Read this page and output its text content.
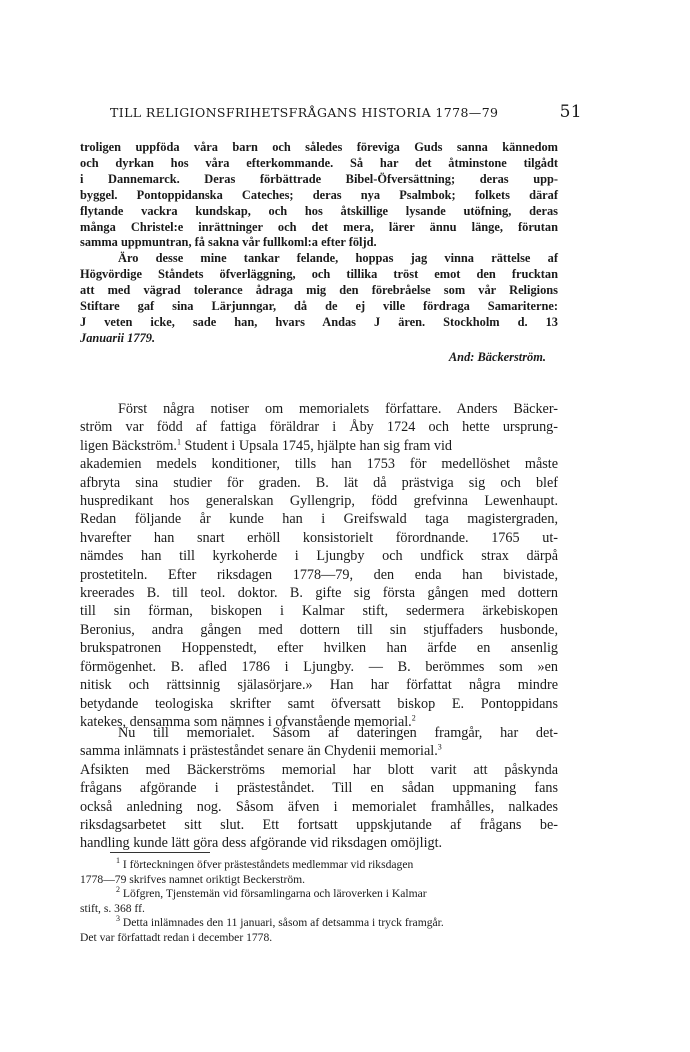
TILL RELIGIONSFRIHETSFRÅGANS HISTORIA 1778—79	51
troligen uppföda våra barn och således föreviga Guds sanna kännedom
och dyrkan hos våra efterkommande. Så har det åtminstone tilgådt
i Dannemarck. Deras förbättrade Bibel-Öfversättning; deras upp-
byggel. Pontoppidanska Cateches; deras nya Psalmbok; folkets däraf
flytande vackra kundskap, och hos åtskillige lysande utöfning, deras
många Christel:e inrättninger och det mera, lärer ännu länge, förutan
samma uppmuntran, få sakna vår fullkoml:a efter följd.
Äro desse mine tankar felande, hoppas jag vinna rättelse af
Högvördige Ståndets öfverläggning, och tillika tröst emot den frucktan
att med vägrad tolerance ådraga mig den förebråelse som vår Religions
Stiftare gaf sina Lärjunngar, då de ej ville fördraga Samariterne:
J veten icke, sade han, hvars Andas J ären. Stockholm d. 13
Januarii 1779.
And: Bäckerström.
Först några notiser om memorialets författare. Anders Bäcker-
ström var född af fattiga föräldrar i Åby 1724 och hette ursprung-
ligen Bäckström.$^1$ Student i Upsala 1745, hjälpte han sig fram vid
akademien medels konditioner, tills han 1753 för medellöshet måste
afbryta sina studier för graden. B. lät då prästviga sig och blef
huspredikant hos generalskan Gyllengrip, född grefvinna Lewenhaupt.
Redan följande år kunde han i Greifswald taga magistergraden,
hvarefter han snart erhöll konsistorielt förordnande. 1765 ut-
nämdes han till kyrkoherde i Ljungby och undfick strax därpå
prostetiteln. Efter riksdagen 1778—79, den enda han bivistade,
kreerades B. till teol. doktor. B. gifte sig första gången med dottern
till sin förman, biskopen i Kalmar stift, sedermera ärkebiskopen
Beronius, andra gången med dottern till sin stjuffaders husbonde,
brukspatronen Hoppenstedt, efter hvilken han ärfde en ansenlig
förmögenhet. B. afled 1786 i Ljungby. — B. berömmes som »en
nitisk och rättsinnig själasörjare.» Han har författat några mindre
betydande teologiska skrifter samt öfversatt biskop E. Pontoppidans
katekes, densamma som nämnes i ofvanstående memorial.$^2$
Nu till memorialet. Såsom af dateringen framgår, har det-
samma inlämnats i prästeståndet senare än Chydenii memorial.$^3$
Afsikten med Bäckerströms memorial har blott varit att påskynda
frågans afgörande i prästeståndet. Till en sådan uppmaning fans
också anledning nog. Såsom äfven i memorialet framhålles, nalkades
riksdagsarbetet sitt slut. Ett fortsatt uppskjutande af frågans be-
handling kunde lätt göra dess afgörande vid riksdagen omöjligt.

$^1$ I förteckningen öfver prästeståndets medlemmar vid riksdagen
1778—79 skrifves namnet oriktigt Beckerström.

$^2$ Löfgren, Tjenstemän vid församlingarna och läroverken i Kalmar
stift, s. 368 ff.

$^3$ Detta inlämnades den 11 januari, såsom af detsamma i tryck framgår.
Det var författadt redan i december 1778.
